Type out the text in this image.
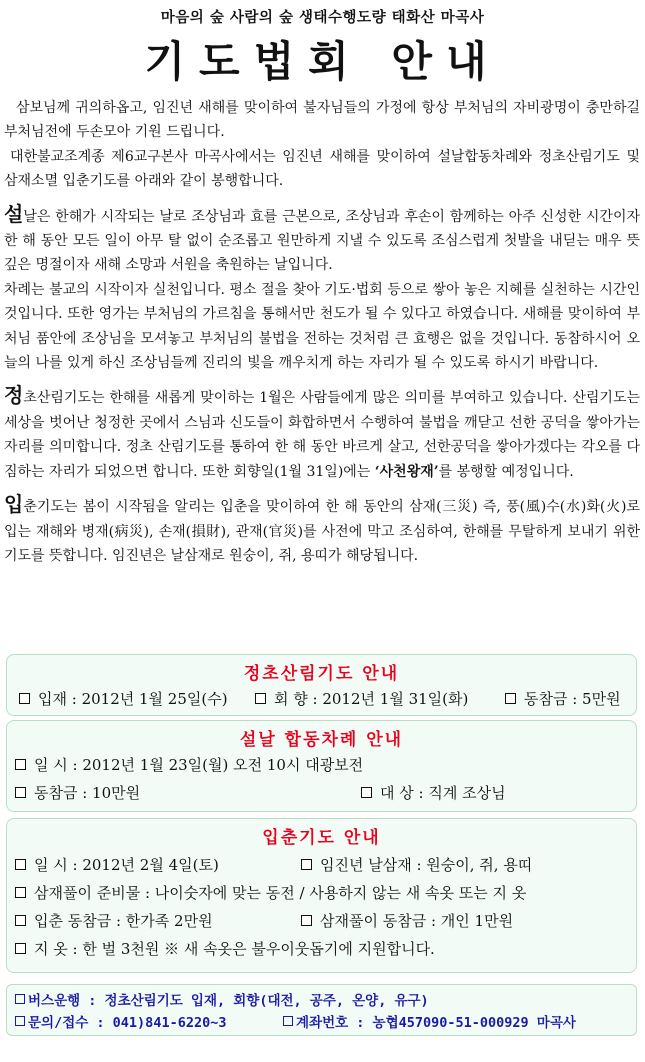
마음의 숲 사람의 숲 생태수행도량 태화산 마곡사
기도법회 안내

삼보님께 귀의하옵고, 임진년 새해를 맞이하여 불자님들의 가정에 항상 부처님의 자비광명이 충만하길 부처님전에 두손모아 기원 드립니다.

대한불교조계종 제6교구본사 마곡사에서는 임진년 새해를 맞이하여 설날합동차례와 정초산림기도 및 삼재소멸 입춘기도를 아래와 같이 봉행합니다.

설날은 한해가 시작되는 날로 조상님과 효를 근본으로, 조상님과 후손이 함께하는 아주 신성한 시간이자 한 해 동안 모든 일이 아무 탈 없이 순조롭고 원만하게 지낼 수 있도록 조심스럽게 첫발을 내딛는 매우 뜻 깊은 명절이자 새해 소망과 서원을 축원하는 날입니다.

차례는 불교의 시작이자 실천입니다. 평소 절을 찾아 기도·법회 등으로 쌓아 놓은 지혜를 실천하는 시간인 것입니다. 또한 영가는 부처님의 가르침을 통해서만 천도가 될 수 있다고 하였습니다. 새해를 맞이하여 부처님 품안에 조상님을 모셔놓고 부처님의 불법을 전하는 것처럼 큰 효행은 없을 것입니다. 동참하시어 오늘의 나를 있게 하신 조상님들께 진리의 빛을 깨우치게 하는 자리가 될 수 있도록 하시기 바랍니다.

정초산림기도는 한해를 새롭게 맞이하는 1월은 사람들에게 많은 의미를 부여하고 있습니다. 산림기도는 세상을 벗어난 청정한 곳에서 스님과 신도들이 화합하면서 수행하여 불법을 깨닫고 선한 공덕을 쌓아가는 자리를 의미합니다. 정초 산림기도를 통하여 한 해 동안 바르게 살고, 선한공덕을 쌓아가겠다는 각오를 다짐하는 자리가 되었으면 합니다. 또한 회향일(1월 31일)에는 ‘사천왕재’를 봉행할 예정입니다.

입춘기도는 봄이 시작됨을 알리는 입춘을 맞이하여 한 해 동안의 삼재(三災) 즉, 풍(風)수(水)화(火)로 입는 재해와 병재(病災), 손재(損財), 관재(官災)를 사전에 막고 조심하여, 한해를 무탈하게 보내기 위한 기도를 뜻합니다. 임진년은 날삼재로 원숭이, 쥐, 용띠가 해당됩니다.

정초산림기도 안내
입재 : 2012년 1월 25일(수)	회 향 : 2012년 1월 31일(화)	동참금 : 5만원
설날 합동차례 안내
일 시 : 2012년 1월 23일(월) 오전 10시 대광보전
동참금 : 10만원	대 상 : 직계 조상님
입춘기도 안내
일 시 : 2012년 2월 4일(토)	임진년 날삼재 : 원숭이, 쥐, 용띠
삼재풀이 준비물 : 나이숫자에 맞는 동전 / 사용하지 않는 새 속옷 또는 지 옷
입춘 동참금 : 한가족 2만원	삼재풀이 동참금 : 개인 1만원
지 옷 : 한 벌 3천원 ※ 새 속옷은 불우이웃돕기에 지원합니다.
버스운행 : 정초산림기도 입재, 회향(대전, 공주, 온양, 유구)
문의/접수 : 041)841-6220~3	계좌번호 : 농협457090-51-000929 마곡사
